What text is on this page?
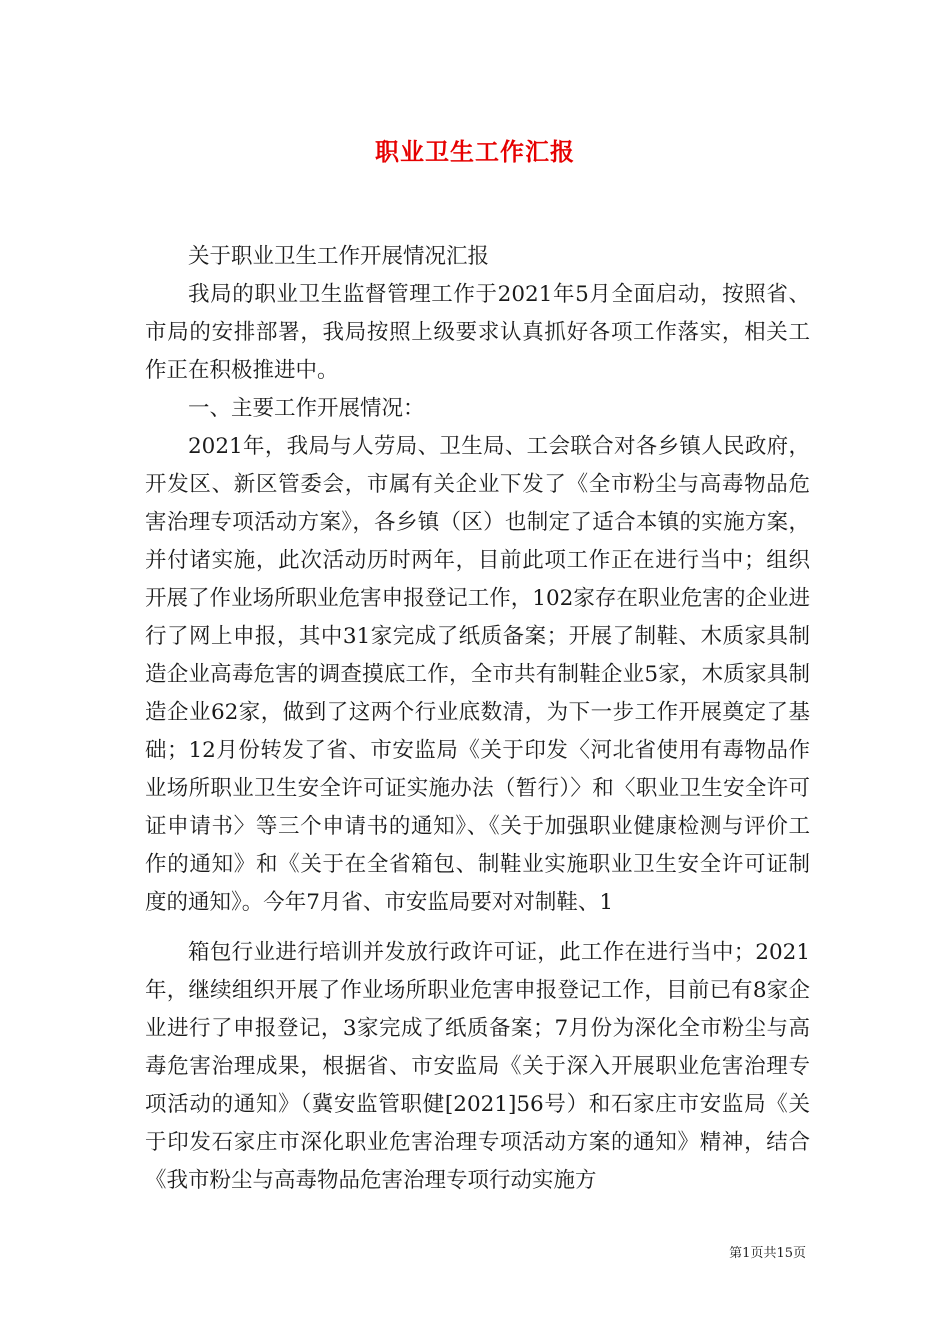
职业卫生工作汇报

关于职业卫生工作开展情况汇报

我局的职业卫生监督管理工作于2021年5月全面启动，按照省、市局的安排部署，我局按照上级要求认真抓好各项工作落实，相关工作正在积极推进中。

一、主要工作开展情况：

2021年，我局与人劳局、卫生局、工会联合对各乡镇人民政府，开发区、新区管委会，市属有关企业下发了《全市粉尘与高毒物品危害治理专项活动方案》，各乡镇（区）也制定了适合本镇的实施方案，并付诸实施，此次活动历时两年，目前此项工作正在进行当中；组织开展了作业场所职业危害申报登记工作，102家存在职业危害的企业进行了网上申报，其中31家完成了纸质备案；开展了制鞋、木质家具制造企业高毒危害的调查摸底工作，全市共有制鞋企业5家，木质家具制造企业62家，做到了这两个行业底数清，为下一步工作开展奠定了基础；12月份转发了省、市安监局《关于印发〈河北省使用有毒物品作业场所职业卫生安全许可证实施办法（暂行）〉和〈职业卫生安全许可证申请书〉等三个申请书的通知》、《关于加强职业健康检测与评价工作的通知》和《关于在全省箱包、制鞋业实施职业卫生安全许可证制度的通知》。今年7月省、市安监局要对对制鞋、1

箱包行业进行培训并发放行政许可证，此工作在进行当中；2021年，继续组织开展了作业场所职业危害申报登记工作，目前已有8家企业进行了申报登记，3家完成了纸质备案；7月份为深化全市粉尘与高毒危害治理成果，根据省、市安监局《关于深入开展职业危害治理专项活动的通知》（冀安监管职健[2021]56号）和石家庄市安监局《关于印发石家庄市深化职业危害治理专项活动方案的通知》精神，结合《我市粉尘与高毒物品危害治理专项行动实施方

第1页共15页
